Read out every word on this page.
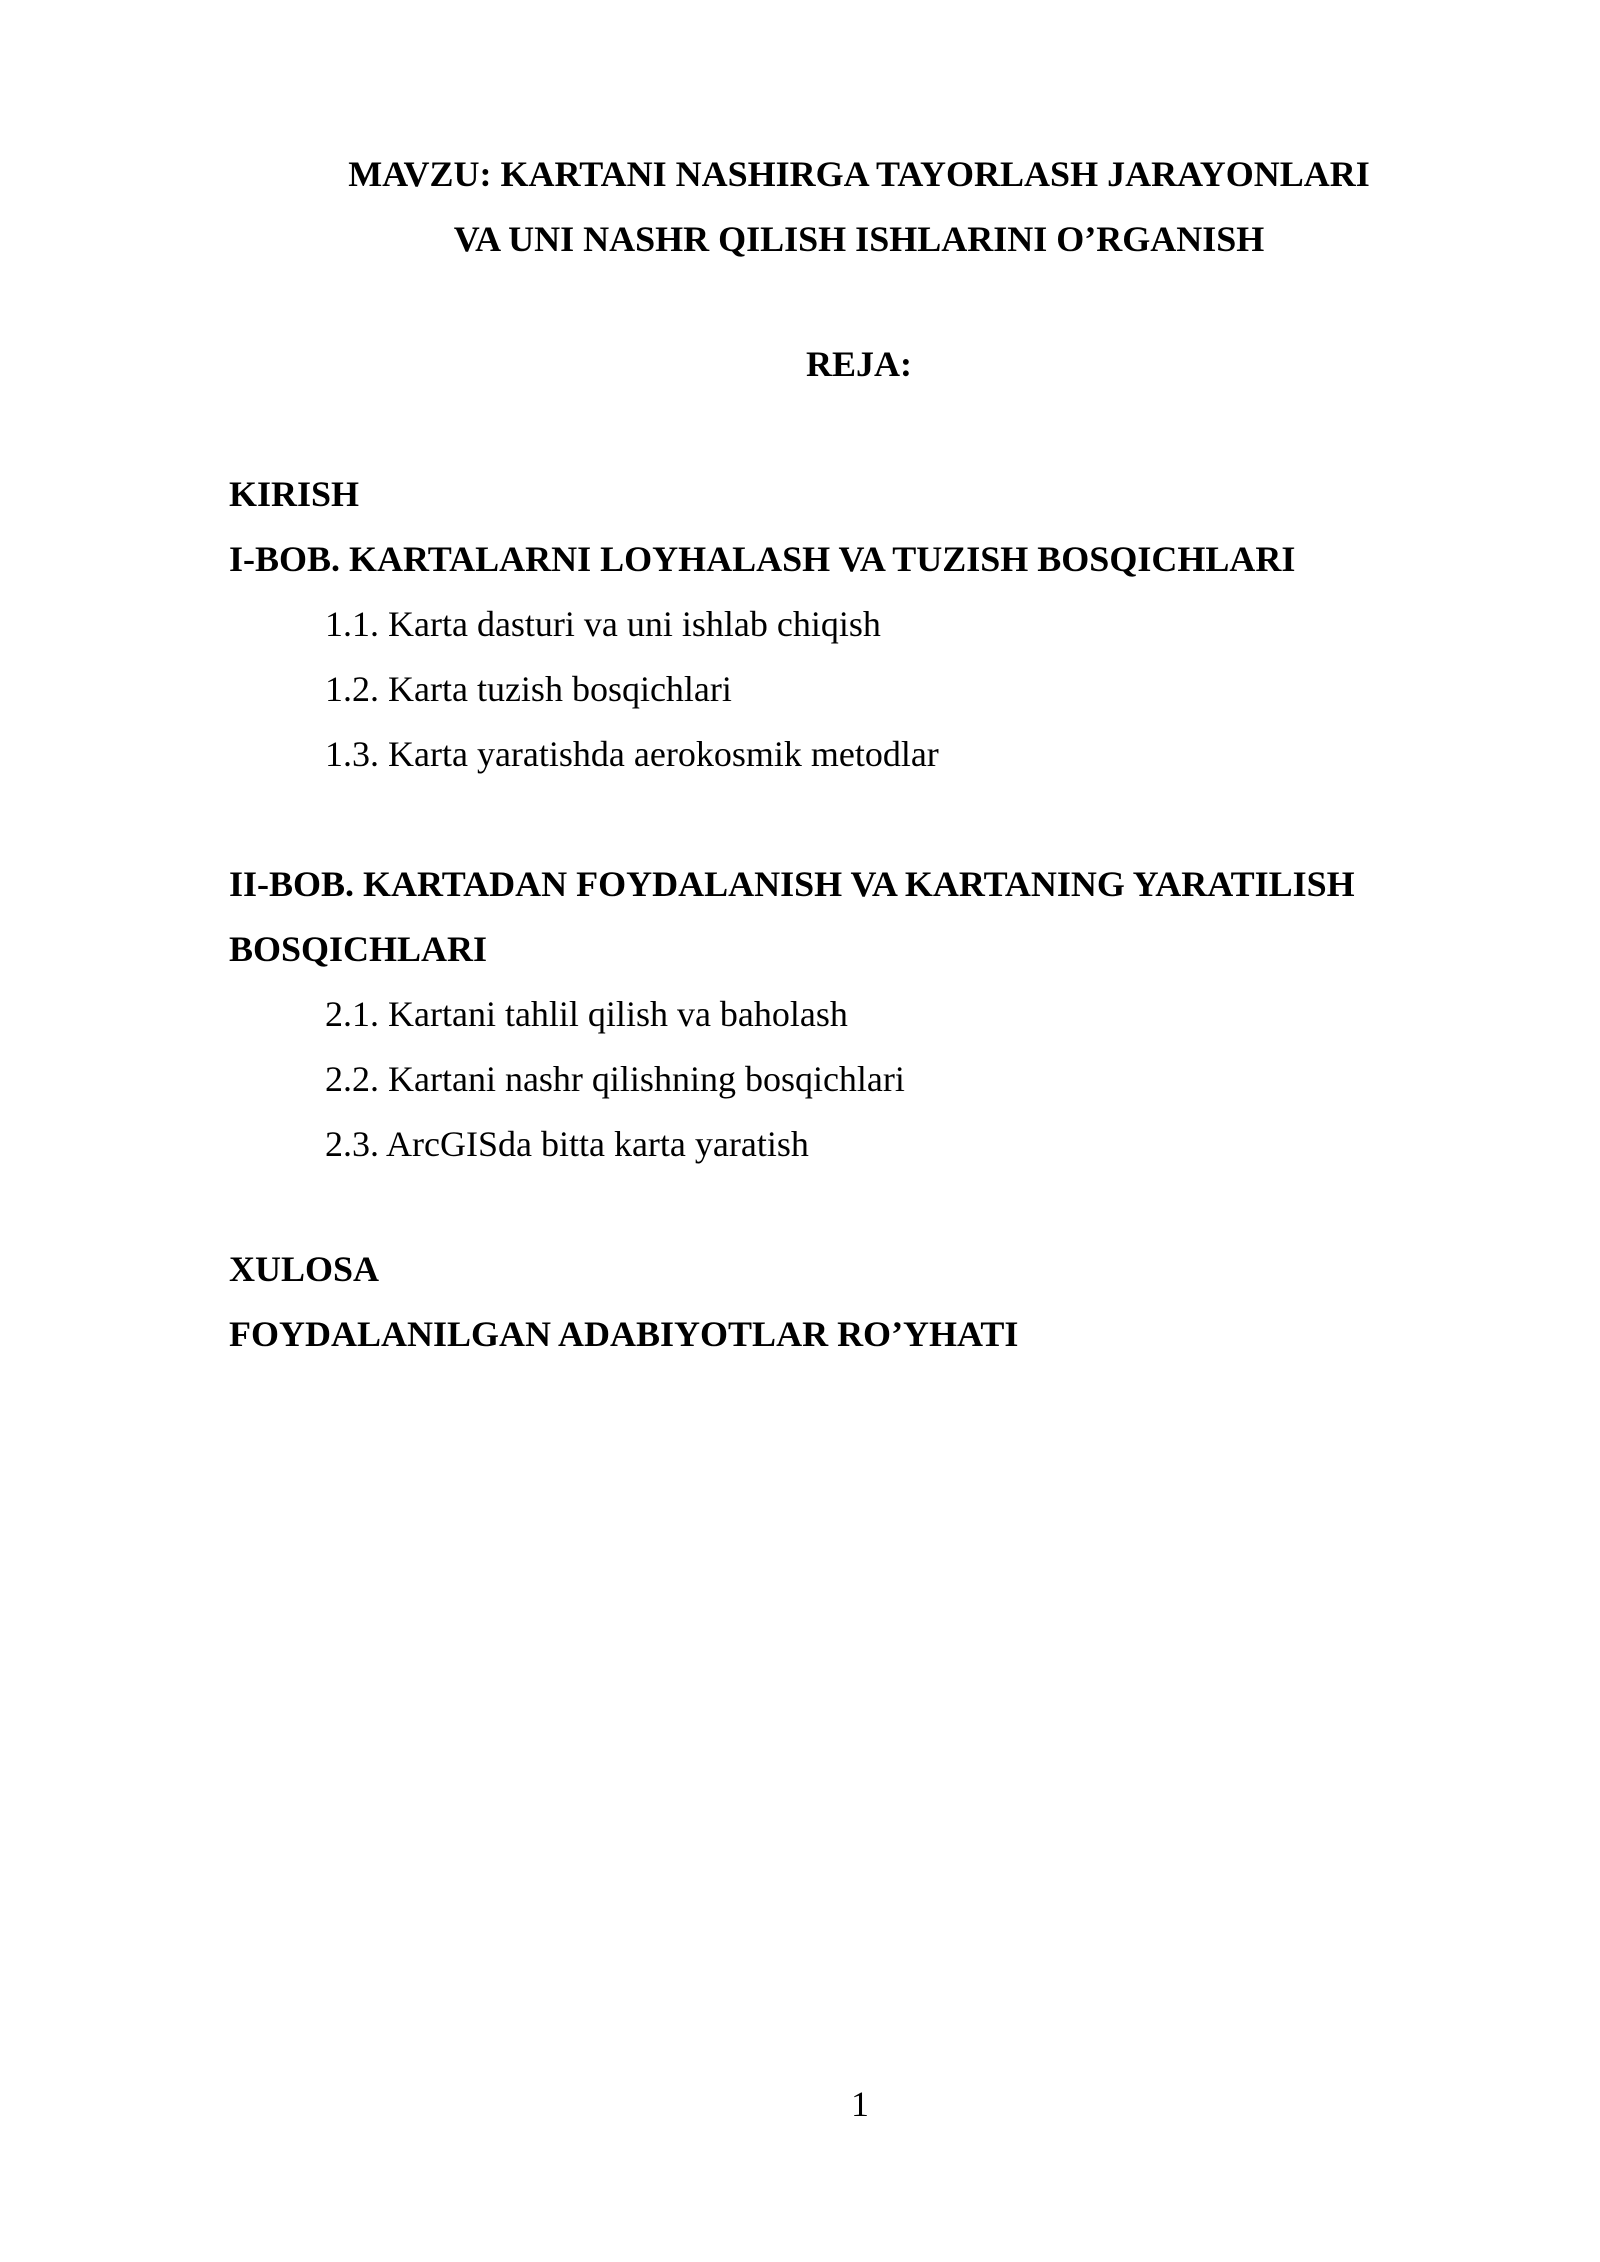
MAVZU: KARTANI NASHIRGA TAYORLASH JARAYONLARI
VA UNI NASHR QILISH ISHLARINI O’RGANISH
REJA:
KIRISH
I-BOB. KARTALARNI LOYHALASH VA TUZISH BOSQICHLARI
1.1. Karta dasturi va uni ishlab chiqish
1.2. Karta tuzish bosqichlari
1.3. Karta yaratishda aerokosmik metodlar
II-BOB. KARTADAN FOYDALANISH VA KARTANING YARATILISH
BOSQICHLARI
2.1. Kartani tahlil qilish va baholash
2.2. Kartani nashr qilishning bosqichlari
2.3. ArcGISda bitta karta yaratish
XULOSA
FOYDALANILGAN ADABIYOTLAR RO’YHATI
1
